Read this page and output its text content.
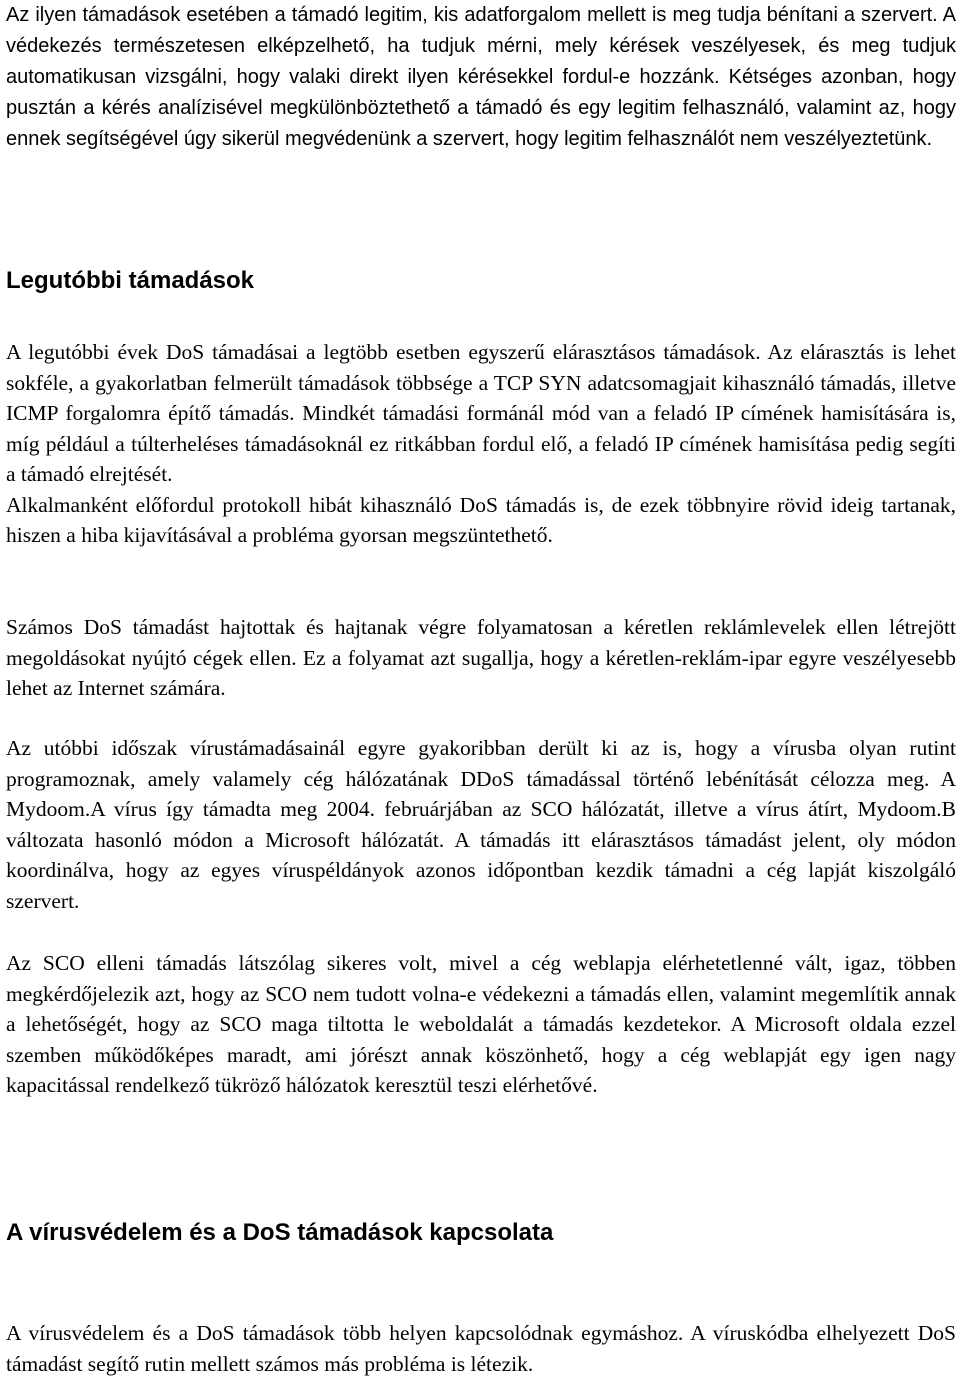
Az ilyen támadások esetében a támadó legitim, kis adatforgalom mellett is meg tudja bénítani a szervert. A védekezés természetesen elképzelhető, ha tudjuk mérni, mely kérések veszélyesek, és meg tudjuk automatikusan vizsgálni, hogy valaki direkt ilyen kérésekkel fordul-e hozzánk. Kétséges azonban, hogy pusztán a kérés analízisével megkülönböztethető a támadó és egy legitim felhasználó, valamint az, hogy ennek segítségével úgy sikerül megvédenünk a szervert, hogy legitim felhasználót nem veszélyeztetünk.

Legutóbbi támadások

A legutóbbi évek DoS támadásai a legtöbb esetben egyszerű elárasztásos támadások. Az elárasztás is lehet sokféle, a gyakorlatban felmerült támadások többsége a TCP SYN adatcsomagjait kihasználó támadás, illetve ICMP forgalomra építő támadás. Mindkét támadási formánál mód van a feladó IP címének hamisítására is, míg például a túlterheléses támadásoknál ez ritkábban fordul elő, a feladó IP címének hamisítása pedig segíti a támadó elrejtését.

Alkalmanként előfordul protokoll hibát kihasználó DoS támadás is, de ezek többnyire rövid ideig tartanak, hiszen a hiba kijavításával a probléma gyorsan megszüntethető.

Számos DoS támadást hajtottak és hajtanak végre folyamatosan a kéretlen reklámlevelek ellen létrejött megoldásokat nyújtó cégek ellen. Ez a folyamat azt sugallja, hogy a kéretlen-reklám-ipar egyre veszélyesebb lehet az Internet számára.

Az utóbbi időszak vírustámadásainál egyre gyakoribban derült ki az is, hogy a vírusba olyan rutint programoznak, amely valamely cég hálózatának DDoS támadással történő lebénítását célozza meg. A Mydoom.A vírus így támadta meg 2004. februárjában az SCO hálózatát, illetve a vírus átírt, Mydoom.B változata hasonló módon a Microsoft hálózatát. A támadás itt elárasztásos támadást jelent, oly módon koordinálva, hogy az egyes víruspéldányok azonos időpontban kezdik támadni a cég lapját kiszolgáló szervert.

Az SCO elleni támadás látszólag sikeres volt, mivel a cég weblapja elérhetetlenné vált, igaz, többen megkérdőjelezik azt, hogy az SCO nem tudott volna-e védekezni a támadás ellen, valamint megemlítik annak a lehetőségét, hogy az SCO maga tiltotta le weboldalát a támadás kezdetekor. A Microsoft oldala ezzel szemben működőképes maradt, ami jórészt annak köszönhető, hogy a cég weblapját egy igen nagy kapacitással rendelkező tükröző hálózatok keresztül teszi elérhetővé.

A vírusvédelem és a DoS támadások kapcsolata

A vírusvédelem és a DoS támadások több helyen kapcsolódnak egymáshoz. A víruskódba elhelyezett DoS támadást segítő rutin mellett számos más probléma is létezik.
